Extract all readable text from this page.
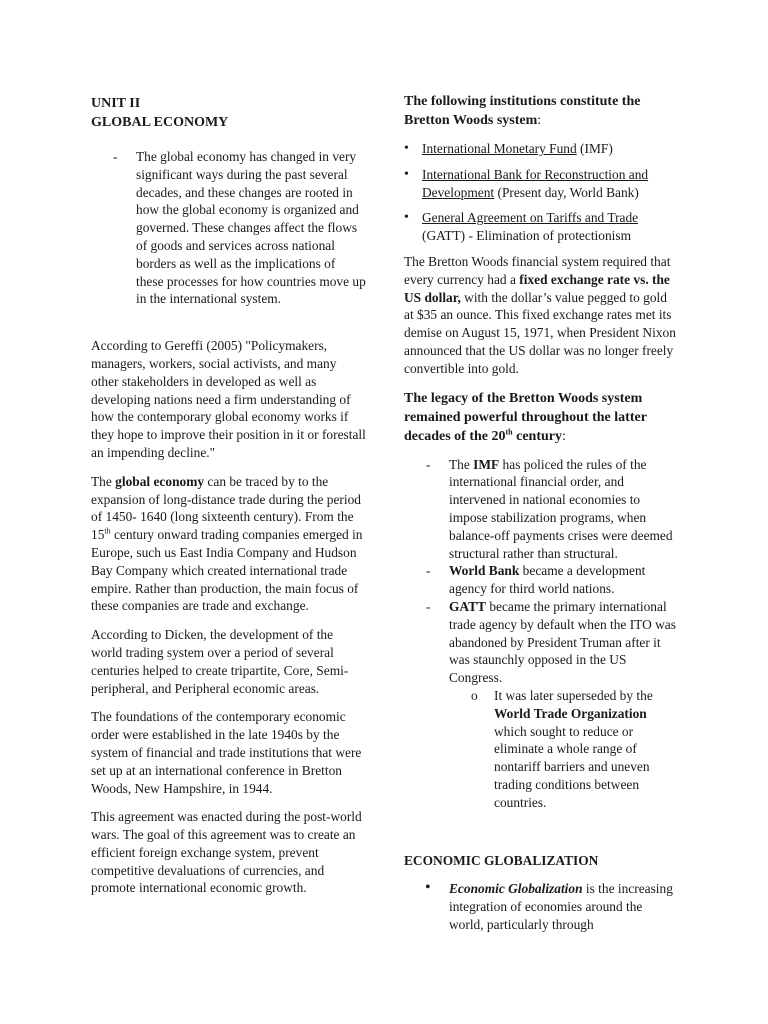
UNIT II
GLOBAL ECONOMY
- The global economy has changed in very significant ways during the past several decades, and these changes are rooted in how the global economy is organized and governed. These changes affect the flows of goods and services across national borders as well as the implications of these processes for how countries move up in the international system.

According to Gereffi (2005) "Policymakers, managers, workers, social activists, and many other stakeholders in developed as well as developing nations need a firm understanding of how the contemporary global economy works if they hope to improve their position in it or forestall an impending decline."

The global economy can be traced by to the expansion of long-distance trade during the period of 1450- 1640 (long sixteenth century). From the 15th century onward trading companies emerged in Europe, such us East India Company and Hudson Bay Company which created international trade empire. Rather than production, the main focus of these companies are trade and exchange.

According to Dicken, the development of the world trading system over a period of several centuries helped to create tripartite, Core, Semi-peripheral, and Peripheral economic areas.

The foundations of the contemporary economic order were established in the late 1940s by the system of financial and trade institutions that were set up at an international conference in Bretton Woods, New Hampshire, in 1944.

This agreement was enacted during the post-world wars. The goal of this agreement was to create an efficient foreign exchange system, prevent competitive devaluations of currencies, and promote international economic growth.

The following institutions constitute the Bretton Woods system:

• International Monetary Fund (IMF)
• International Bank for Reconstruction and Development (Present day, World Bank)
• General Agreement on Tariffs and Trade (GATT) - Elimination of protectionism

The Bretton Woods financial system required that every currency had a fixed exchange rate vs. the US dollar, with the dollar’s value pegged to gold at $35 an ounce. This fixed exchange rates met its demise on August 15, 1971, when President Nixon announced that the US dollar was no longer freely convertible into gold.

The legacy of the Bretton Woods system remained powerful throughout the latter decades of the 20th century:

- The IMF has policed the rules of the international financial order, and intervened in national economies to impose stabilization programs, when balance-off payments crises were deemed structural rather than structural.
- World Bank became a development agency for third world nations.
- GATT became the primary international trade agency by default when the ITO was abandoned by President Truman after it was staunchly opposed in the US Congress.
o It was later superseded by the World Trade Organization which sought to reduce or eliminate a whole range of nontariff barriers and uneven trading conditions between countries.

ECONOMIC GLOBALIZATION

• Economic Globalization is the increasing integration of economies around the world, particularly through
